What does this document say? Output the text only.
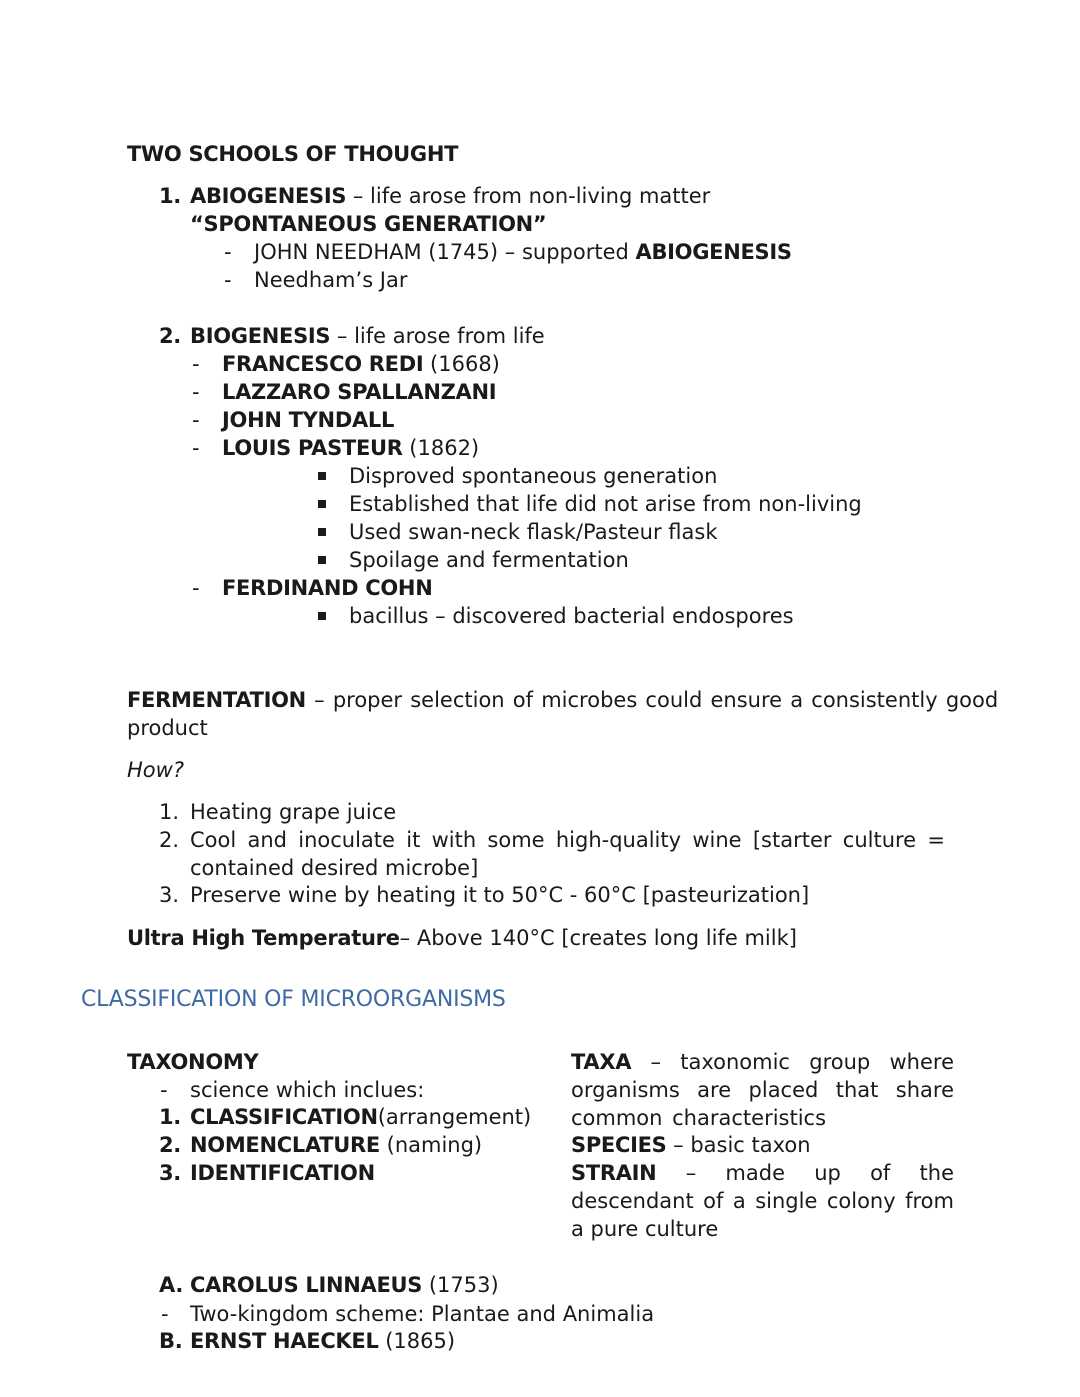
TWO SCHOOLS OF THOUGHT
1. ABIOGENESIS – life arose from non-living matter
“SPONTANEOUS GENERATION”
- JOHN NEEDHAM (1745) – supported ABIOGENESIS
- Needham’s Jar
2. BIOGENESIS – life arose from life
- FRANCESCO REDI (1668)
- LAZZARO SPALLANZANI
- JOHN TYNDALL
- LOUIS PASTEUR (1862)
Disproved spontaneous generation
Established that life did not arise from non-living
Used swan-neck flask/Pasteur flask
Spoilage and fermentation
- FERDINAND COHN
bacillus – discovered bacterial endospores
FERMENTATION – proper selection of microbes could ensure a consistently good
product
How?
1. Heating grape juice
2. Cool and inoculate it with some high-quality wine [starter culture =
contained desired microbe]
3. Preserve wine by heating it to 50°C - 60°C [pasteurization]
Ultra High Temperature– Above 140°C [creates long life milk]
CLASSIFICATION OF MICROORGANISMS
TAXONOMY
- science which inclues:
1. CLASSIFICATION(arrangement)
2. NOMENCLATURE (naming)
3. IDENTIFICATION
TAXA – taxonomic group where organisms are placed that share common characteristics
SPECIES – basic taxon
STRAIN – made up of the descendant of a single colony from a pure culture
A. CAROLUS LINNAEUS (1753)
- Two-kingdom scheme: Plantae and Animalia
B. ERNST HAECKEL (1865)
